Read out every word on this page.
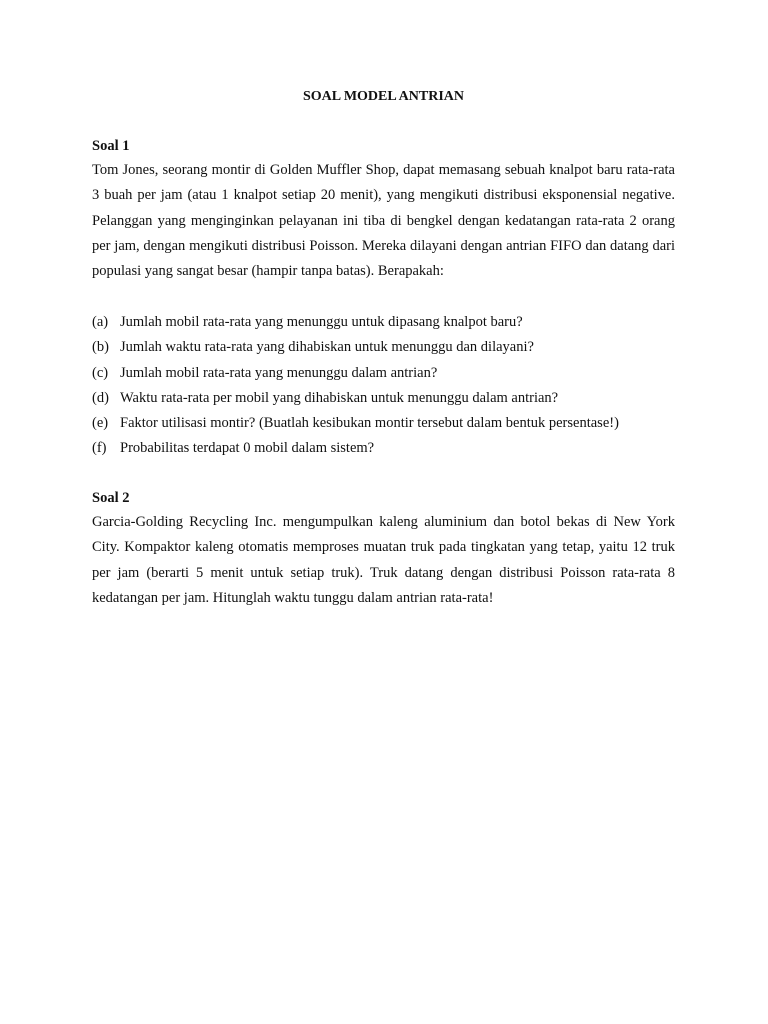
SOAL MODEL ANTRIAN
Soal 1

Tom Jones, seorang montir di Golden Muffler Shop, dapat memasang sebuah knalpot baru rata-rata 3 buah per jam (atau 1 knalpot setiap 20 menit), yang mengikuti distribusi eksponensial negative. Pelanggan yang menginginkan pelayanan ini tiba di bengkel dengan kedatangan rata-rata 2 orang per jam, dengan mengikuti distribusi Poisson. Mereka dilayani dengan antrian FIFO dan datang dari populasi yang sangat besar (hampir tanpa batas). Berapakah:

(a) Jumlah mobil rata-rata yang menunggu untuk dipasang knalpot baru?
(b) Jumlah waktu rata-rata yang dihabiskan untuk menunggu dan dilayani?
(c) Jumlah mobil rata-rata yang menunggu dalam antrian?
(d) Waktu rata-rata per mobil yang dihabiskan untuk menunggu dalam antrian?
(e) Faktor utilisasi montir? (Buatlah kesibukan montir tersebut dalam bentuk persentase!)
(f) Probabilitas terdapat 0 mobil dalam sistem?
Soal 2

Garcia-Golding Recycling Inc. mengumpulkan kaleng aluminium dan botol bekas di New York City. Kompaktor kaleng otomatis memproses muatan truk pada tingkatan yang tetap, yaitu 12 truk per jam (berarti 5 menit untuk setiap truk). Truk datang dengan distribusi Poisson rata-rata 8 kedatangan per jam. Hitunglah waktu tunggu dalam antrian rata-rata!
